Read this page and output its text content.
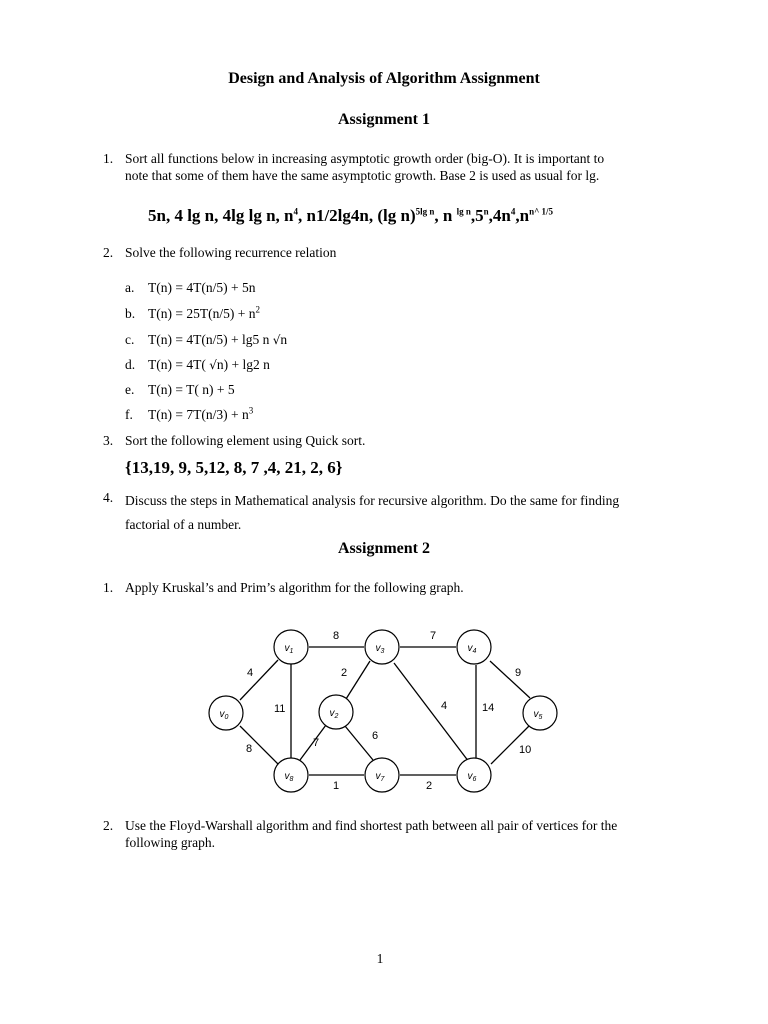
Design and Analysis of Algorithm Assignment
Assignment 1
1. Sort all functions below in increasing asymptotic growth order (big-O). It is important to
note that some of them have the same asymptotic growth. Base 2 is used as usual for lg.
5n, 4 lg n, 4lg lg n, $n^4$, n1/2lg4n, (lg n)$^{5lg n}$, n $^{lg n},5^n,4n^4,n^{n\^{} 1/5}$
2. Solve the following recurrence relation
a. T(n) = 4T(n/5) + 5n
b. $T(n) = 25T(n/5) + n^2$
c. T(n) = 4T(n/5) + lg5 n √n
d. T(n) = 4T( √n) + lg2 n
e. T(n) = T( n) + 5
f. $T(n) = 7T(n/3) + n^3$
3. Sort the following element using Quick sort.
{13,19, 9, 5,12, 8, 7 ,4, 21, 2, 6}
4. Discuss the steps in Mathematical analysis for recursive algorithm. Do the same for finding
factorial of a number.
Assignment 2
1. Apply Kruskal’s and Prim’s algorithm for the following graph.
4
8
8
11
7
2
4
9
14
7
6
10
1	2
$v_0$
$v_1$
$v_2$
$v_3$	$v_4$
$v_5$
$v_6$
$v_7$
$v_8$
2. Use the Floyd-Warshall algorithm and find shortest path between all pair of vertices for the
following graph.
1
